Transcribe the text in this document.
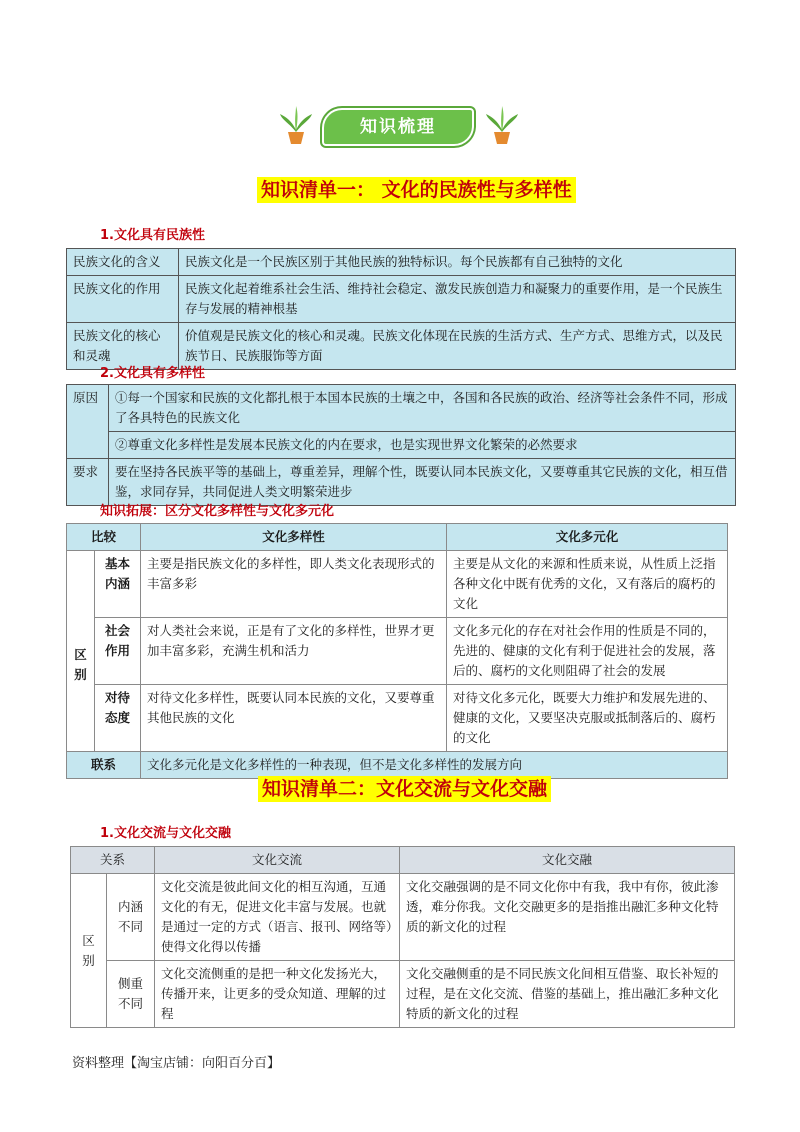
知识梳理
知识清单一： 文化的民族性与多样性
1.文化具有民族性
民族文化的含义	民族文化是一个民族区别于其他民族的独特标识。每个民族都有自己独特的文化
民族文化的作用	民族文化起着维系社会生活、维持社会稳定、激发民族创造力和凝聚力的重要作用，是一个民族生存与发展的精神根基
民族文化的核心和灵魂	价值观是民族文化的核心和灵魂。民族文化体现在民族的生活方式、生产方式、思维方式，以及民族节日、民族服饰等方面
2.文化具有多样性
原因	①每一个国家和民族的文化都扎根于本国本民族的土壤之中，各国和各民族的政治、经济等社会条件不同，形成了各具特色的民族文化
	②尊重文化多样性是发展本民族文化的内在要求，也是实现世界文化繁荣的必然要求
要求	要在坚持各民族平等的基础上，尊重差异，理解个性，既要认同本民族文化，又要尊重其它民族的文化，相互借鉴，求同存异，共同促进人类文明繁荣进步
知识拓展：区分文化多样性与文化多元化
比较		文化多样性	文化多元化
区别	基本内涵	主要是指民族文化的多样性，即人类文化表现形式的丰富多彩	主要是从文化的来源和性质来说，从性质上泛指各种文化中既有优秀的文化，又有落后的腐朽的文化
	社会作用	对人类社会来说，正是有了文化的多样性，世界才更加丰富多彩，充满生机和活力	文化多元化的存在对社会作用的性质是不同的，先进的、健康的文化有利于促进社会的发展，落后的、腐朽的文化则阻碍了社会的发展
	对待态度	对待文化多样性，既要认同本民族的文化，又要尊重其他民族的文化	对待文化多元化，既要大力维护和发展先进的、健康的文化，又要坚决克服或抵制落后的、腐朽的文化
联系		文化多元化是文化多样性的一种表现，但不是文化多样性的发展方向	
知识清单二：文化交流与文化交融
1.文化交流与文化交融
关系		文化交流	文化交融
区别	内涵不同	文化交流是彼此间文化的相互沟通，互通文化的有无，促进文化丰富与发展。也就是通过一定的方式（语言、报刊、网络等）使得文化得以传播	文化交融强调的是不同文化你中有我，我中有你，彼此渗透，难分你我。文化交融更多的是指推出融汇多种文化特质的新文化的过程
	侧重不同	文化交流侧重的是把一种文化发扬光大，传播开来，让更多的受众知道、理解的过程	文化交融侧重的是不同民族文化间相互借鉴、取长补短的过程，是在文化交流、借鉴的基础上，推出融汇多种文化特质的新文化的过程
资料整理【淘宝店铺：向阳百分百】
